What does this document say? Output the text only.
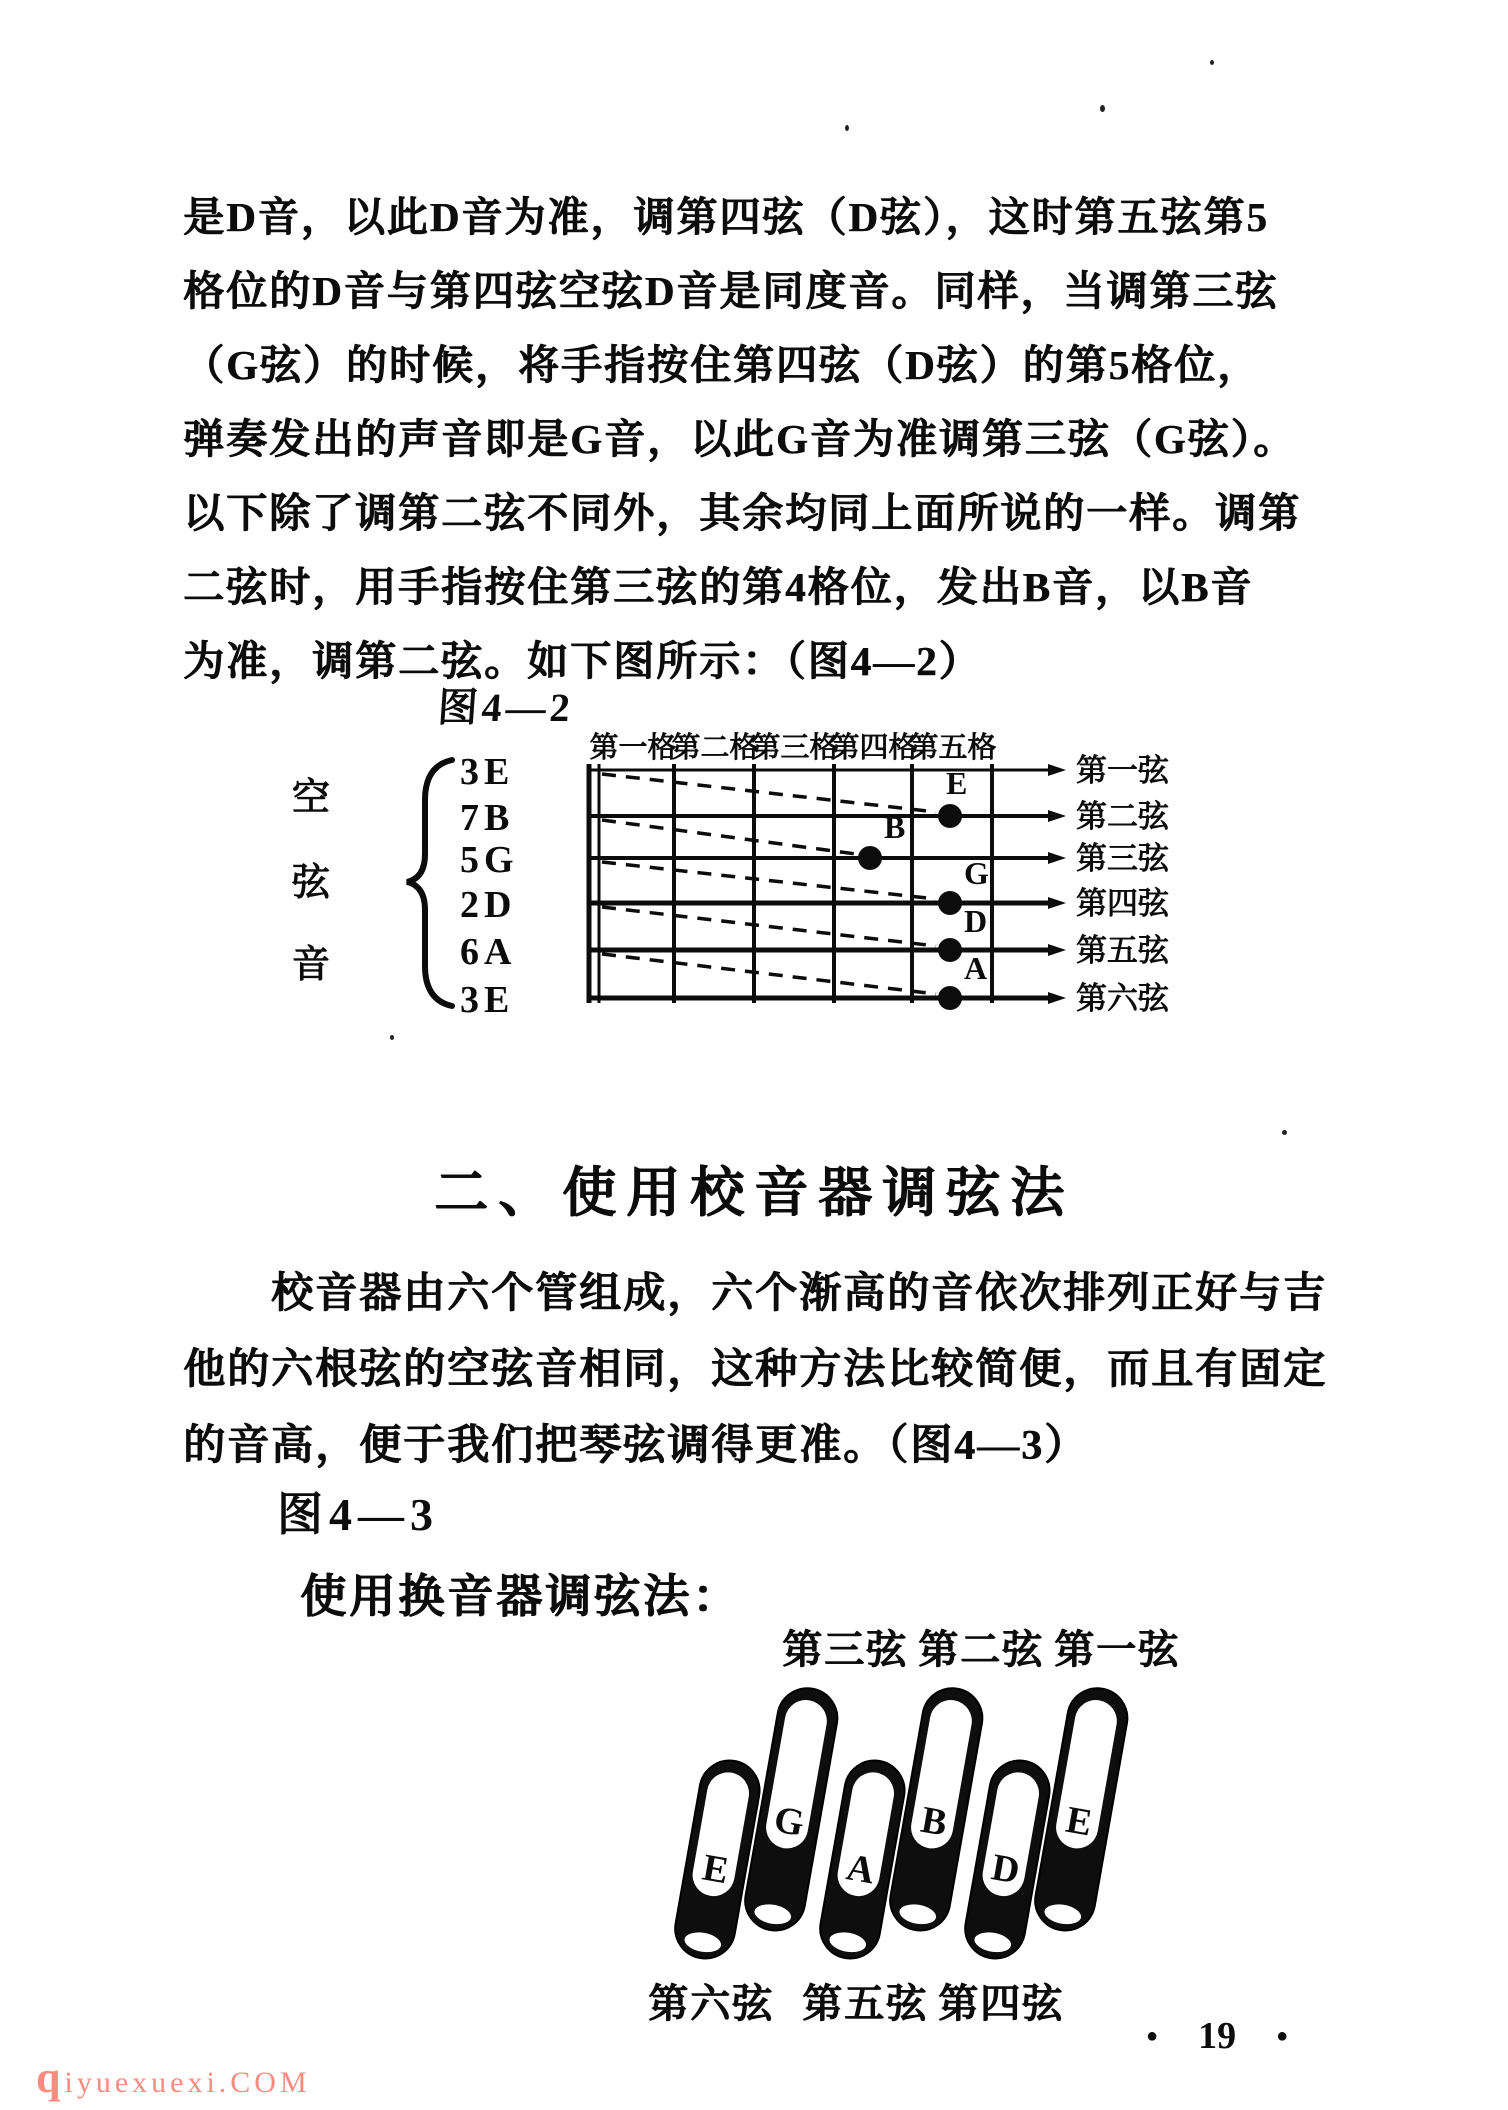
是D音，以此D音为准，调第四弦（D弦），这时第五弦第5
格位的D音与第四弦空弦D音是同度音。同样，当调第三弦
（G弦）的时候，将手指按住第四弦（D弦）的第5格位，
弹奏发出的声音即是G音，以此G音为准调第三弦（G弦）。
以下除了调第二弦不同外，其余均同上面所说的一样。调第
二弦时，用手指按住第三弦的第4格位，发出B音，以B音
为准，调第二弦。如下图所示：（图4—2）
图4—2
第一格
第二格
第三格
第四格
第五格
空
弦
音
3E
7B
5G
2D
6A
3E
E
B
G
D
A
第一弦
第二弦
第三弦
第四弦
第五弦
第六弦
二、使用校音器调弦法
校音器由六个管组成，六个渐高的音依次排列正好与吉
他的六根弦的空弦音相同，这种方法比较简便，而且有固定
的音高，便于我们把琴弦调得更准。（图4—3）
图4—3
使用换音器调弦法：
第三弦 第二弦 第一弦
G	B	E
E	A	D
第六弦 第五弦 第四弦
● 19 ●
qiyuexuexi.COM
